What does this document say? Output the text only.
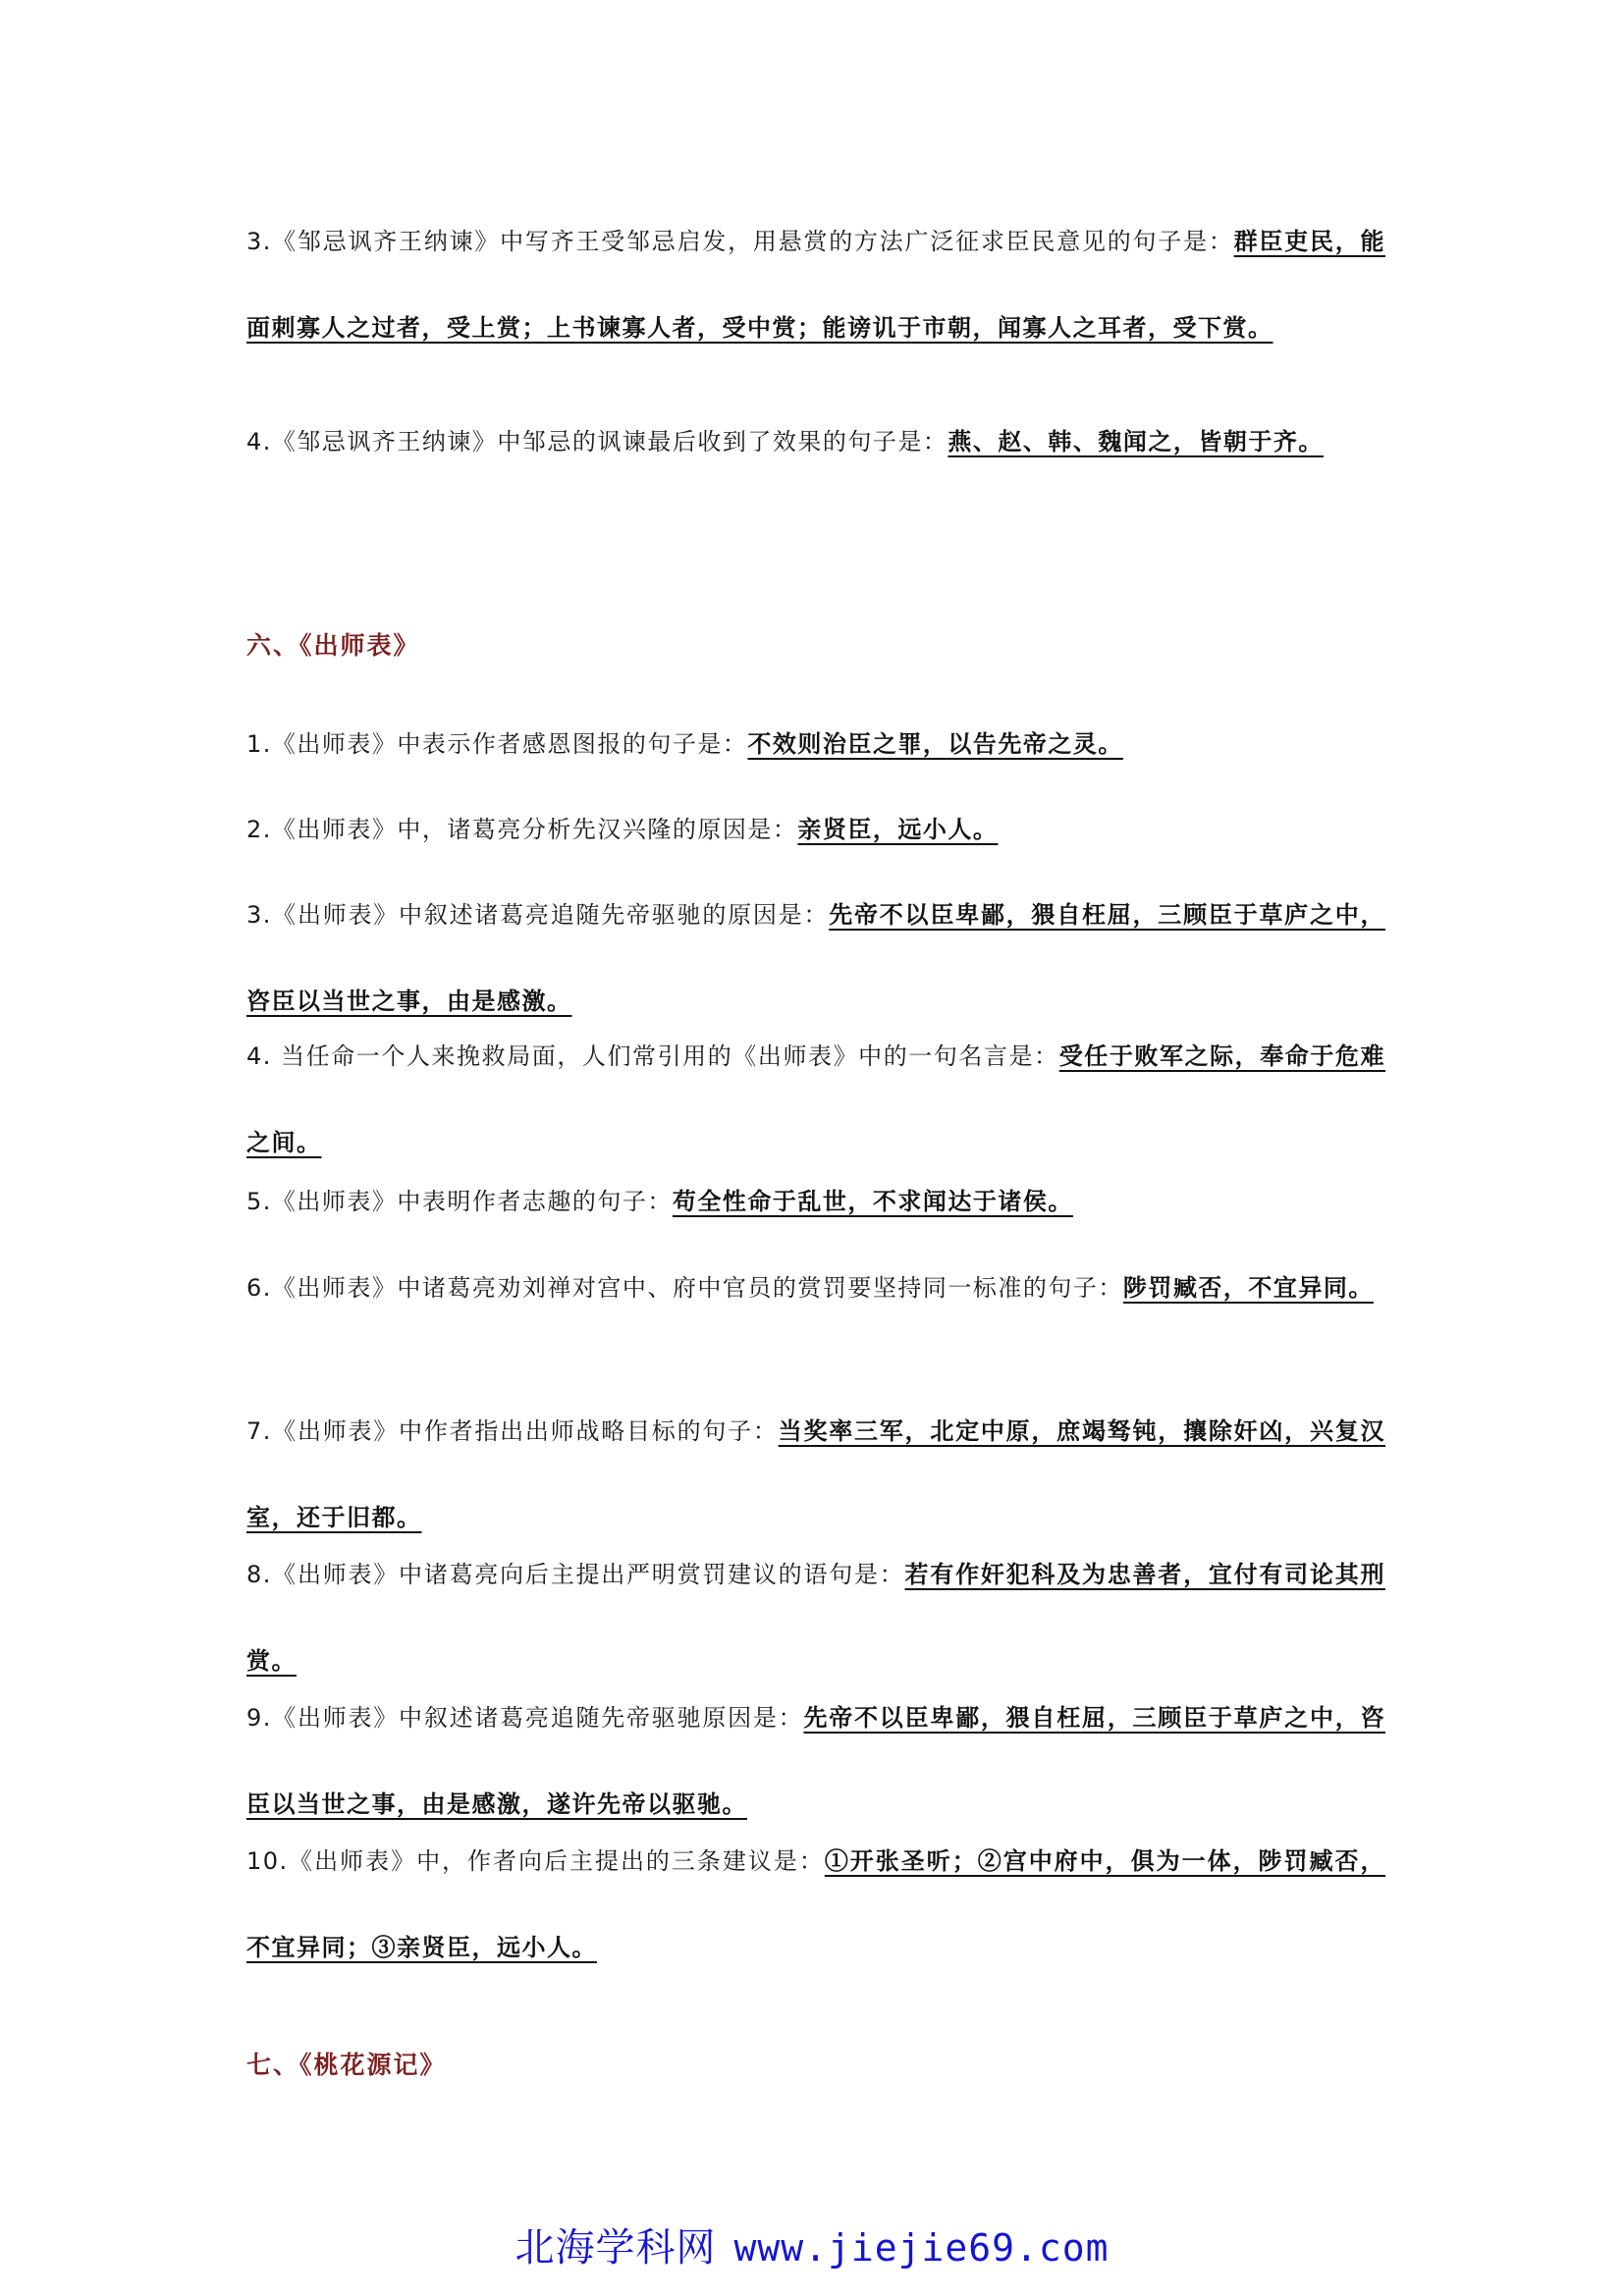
3.《邹忌讽齐王纳谏》中写齐王受邹忌启发，用悬赏的方法广泛征求臣民意见的句子是：群臣吏民，能面刺寡人之过者，受上赏；上书谏寡人者，受中赏；能谤讥于市朝，闻寡人之耳者，受下赏。

4.《邹忌讽齐王纳谏》中邹忌的讽谏最后收到了效果的句子是：燕、赵、韩、魏闻之，皆朝于齐。

六、《出师表》

1.《出师表》中表示作者感恩图报的句子是：不效则治臣之罪，以告先帝之灵。

2.《出师表》中，诸葛亮分析先汉兴隆的原因是：亲贤臣，远小人。

3.《出师表》中叙述诸葛亮追随先帝驱驰的原因是：先帝不以臣卑鄙，猥自枉屈，三顾臣于草庐之中，咨臣以当世之事，由是感激。

4. 当任命一个人来挽救局面，人们常引用的《出师表》中的一句名言是：受任于败军之际，奉命于危难之间。

5.《出师表》中表明作者志趣的句子：苟全性命于乱世，不求闻达于诸侯。

6.《出师表》中诸葛亮劝刘禅对宫中、府中官员的赏罚要坚持同一标准的句子：陟罚臧否，不宜异同。

7.《出师表》中作者指出出师战略目标的句子：当奖率三军，北定中原，庶竭驽钝，攘除奸凶，兴复汉室，还于旧都。

8.《出师表》中诸葛亮向后主提出严明赏罚建议的语句是：若有作奸犯科及为忠善者，宜付有司论其刑赏。

9.《出师表》中叙述诸葛亮追随先帝驱驰原因是：先帝不以臣卑鄙，猥自枉屈，三顾臣于草庐之中，咨臣以当世之事，由是感激，遂许先帝以驱驰。

10.《出师表》中，作者向后主提出的三条建议是：①开张圣听；②宫中府中，俱为一体，陟罚臧否，不宜异同；③亲贤臣，远小人。

七、《桃花源记》
北海学科网 www.jiejie69.com
